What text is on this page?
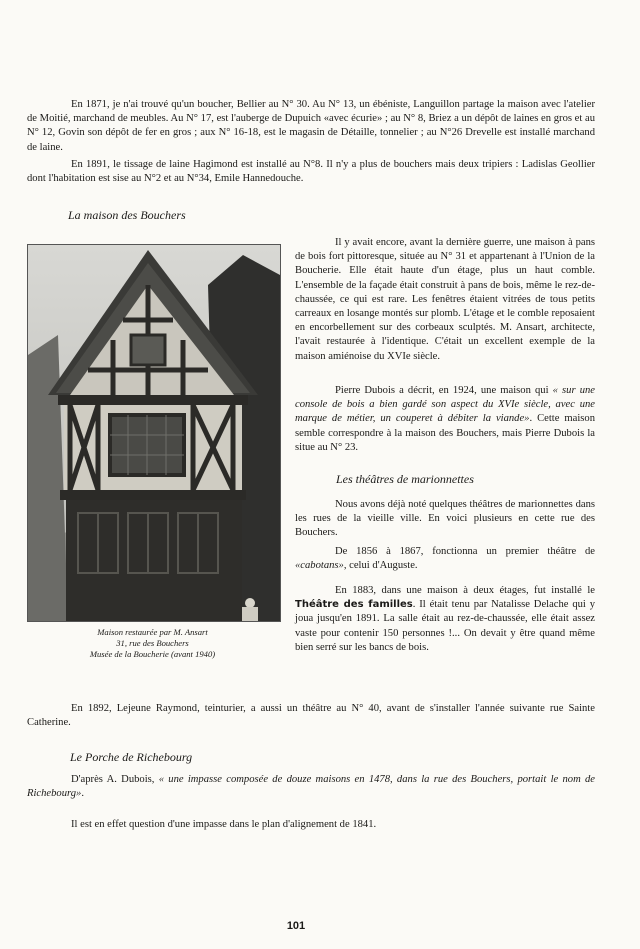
En 1871, je n'ai trouvé qu'un boucher, Bellier au N° 30. Au N° 13, un ébéniste, Languillon partage la maison avec l'atelier de Moitié, marchand de meubles. Au N° 17, est l'auberge de Dupuich «avec écurie» ; au N° 8, Briez a un dépôt de laines en gros et au N° 12, Govin son dépôt de fer en gros ; aux N° 16-18, est le magasin de Détaille, tonnelier ; au N°26 Drevelle est installé marchand de laine.

En 1891, le tissage de laine Hagimond est installé au N°8. Il n'y a plus de bouchers mais deux tripiers : Ladislas Geollier dont l'habitation est sise au N°2 et au N°34, Emile Hannedouche.

La maison des Bouchers
Maison restaurée par M. Ansart
31, rue des Bouchers
Musée de la Boucherie (avant 1940)

Il y avait encore, avant la dernière guerre, une maison à pans de bois fort pittoresque, située au N° 31 et appartenant à l'Union de la Boucherie. Elle était haute d'un étage, plus un haut comble. L'ensemble de la façade était construit à pans de bois, même le rez-de-chaussée, ce qui est rare. Les fenêtres étaient vitrées de tous petits carreaux en losange montés sur plomb. L'étage et le comble reposaient en encorbellement sur des corbeaux sculptés. M. Ansart, architecte, l'avait restaurée à l'identique. C'était un excellent exemple de la maison amiénoise du XVIe siècle.

Pierre Dubois a décrit, en 1924, une maison qui « sur une console de bois a bien gardé son aspect du XVIe siècle, avec une marque de métier, un couperet à débiter la viande». Cette maison semble correspondre à la maison des Bouchers, mais Pierre Dubois la situe au N° 23.

Les théâtres de marionnettes

Nous avons déjà noté quelques théâtres de marionnettes dans les rues de la vieille ville. En voici plusieurs en cette rue des Bouchers.

De 1856 à 1867, fonctionna un premier théâtre de «cabotans», celui d'Auguste.

En 1883, dans une maison à deux étages, fut installé le Théâtre des familles. Il était tenu par Natalisse Delache qui y joua jusqu'en 1891. La salle était au rez-de-chaussée, elle était assez vaste pour contenir 150 personnes !... On devait y être quand même bien serré sur les bancs de bois.

En 1892, Lejeune Raymond, teinturier, a aussi un théâtre au N° 40, avant de s'installer l'année suivante rue Sainte Catherine.

Le Porche de Richebourg

D'après A. Dubois, « une impasse composée de douze maisons en 1478, dans la rue des Bouchers, portait le nom de Richebourg».

Il est en effet question d'une impasse dans le plan d'alignement de 1841.

101
